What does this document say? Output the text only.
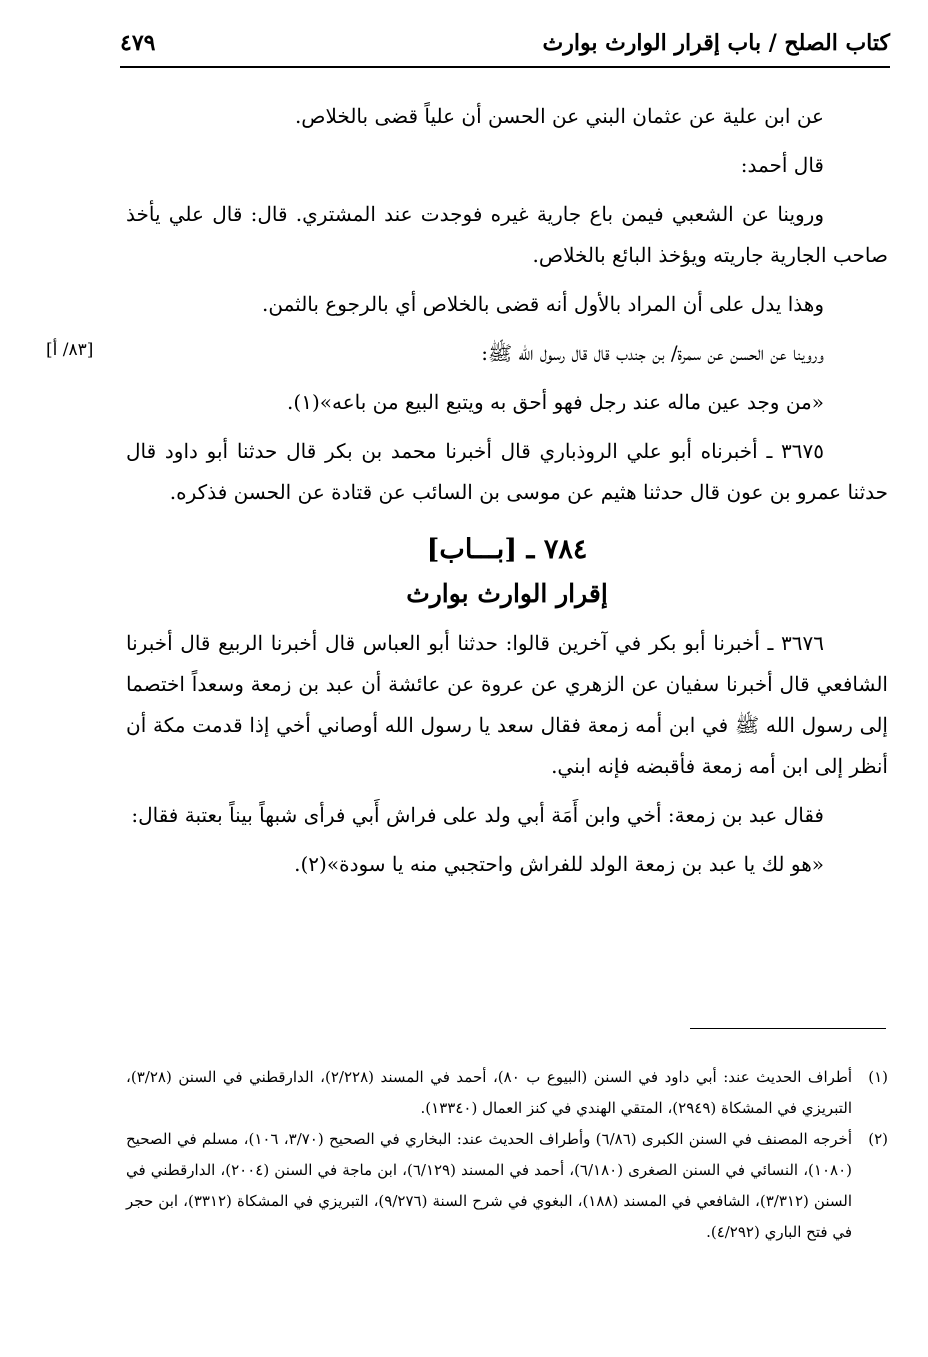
كتاب الصلح / باب إقرار الوارث بوارث
٤٧٩
[٨٣/ أ]

عن ابن علية عن عثمان البني عن الحسن أن علياً قضى بالخلاص.

قال أحمد:

وروينا عن الشعبي فيمن باع جارية غيره فوجدت عند المشتري. قال: قال علي يأخذ صاحب الجارية جاريته ويؤخذ البائع بالخلاص.

وهذا يدل على أن المراد بالأول أنه قضى بالخلاص أي بالرجوع بالثمن.

وروينا عن الحسن عن سمرة/ بن جندب قال قال رسول الله ﷺ:

«من وجد عين ماله عند رجل فهو أحق به ويتبع البيع من باعه»(١).

٣٦٧٥ ـ أخبرناه أبو علي الروذباري قال أخبرنا محمد بن بكر قال حدثنا أبو داود قال حدثنا عمرو بن عون قال حدثنا هثيم عن موسى بن السائب عن قتادة عن الحسن فذكره.

٧٨٤ ـ [بـــاب]
إقرار الوارث بوارث

٣٦٧٦ ـ أخبرنا أبو بكر في آخرين قالوا: حدثنا أبو العباس قال أخبرنا الربيع قال أخبرنا الشافعي قال أخبرنا سفيان عن الزهري عن عروة عن عائشة أن عبد بن زمعة وسعداً اختصما إلى رسول الله ﷺ في ابن أمه زمعة فقال سعد يا رسول الله أوصاني أخي إذا قدمت مكة أن أنظر إلى ابن أمه زمعة فأقبضه فإنه ابني.

فقال عبد بن زمعة: أخي وابن أَمَة أبي ولد على فراش أَبي فرأى شبهاً بيناً بعتبة فقال:

«هو لك يا عبد بن زمعة الولد للفراش واحتجبي منه يا سودة»(٢).

(١)
أطراف الحديث عند: أبي داود في السنن (البيوع ب ٨٠)، أحمد في المسند (٢/٢٢٨)، الدارقطني في السنن (٣/٢٨)، التبريزي في المشكاة (٢٩٤٩)، المتقي الهندي في كنز العمال (١٣٣٤٠).

(٢)
أخرجه المصنف في السنن الكبرى (٦/٨٦) وأطراف الحديث عند: البخاري في الصحيح (٣/٧٠، ١٠٦)، مسلم في الصحيح (١٠٨٠)، النسائي في السنن الصغرى (٦/١٨٠)، أحمد في المسند (٦/١٢٩)، ابن ماجة في السنن (٢٠٠٤)، الدارقطني في السنن (٣/٣١٢)، الشافعي في المسند (١٨٨)، البغوي في شرح السنة (٩/٢٧٦)، التبريزي في المشكاة (٣٣١٢)، ابن حجر في فتح الباري (٤/٢٩٢).
